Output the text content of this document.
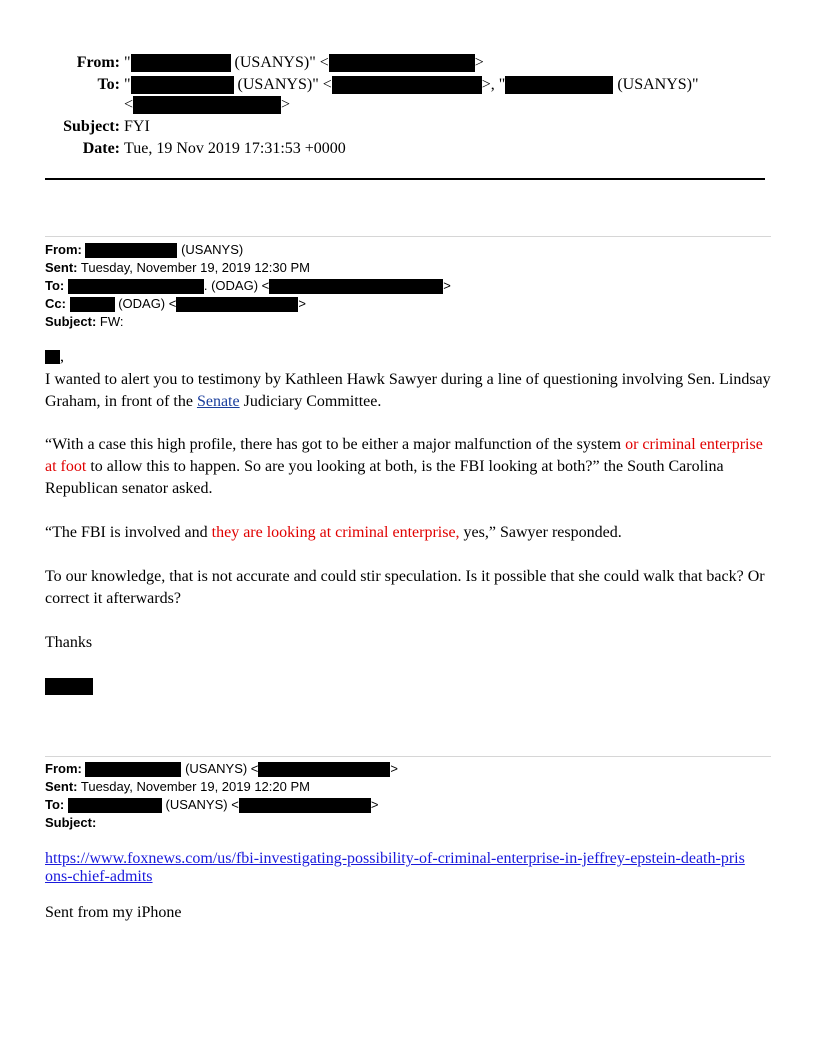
From: "	(USANYS)" <	>
To: "	(USANYS)" <	>, "	(USANYS)"
<	>
Subject: FYI
Date: Tue, 19 Nov 2019 17:31:53 +0000
From:	(USANYS)
Sent: Tuesday, November 19, 2019 12:30 PM
To:	. (ODAG) <	>
Cc:	(ODAG) <	>
Subject: FW:
,
I wanted to alert you to testimony by Kathleen Hawk Sawyer during a line of questioning involving Sen. Lindsay Graham, in front of the Senate Judiciary Committee.
“With a case this high profile, there has got to be either a major malfunction of the system or criminal enterprise at foot to allow this to happen. So are you looking at both, is the FBI looking at both?” the South Carolina Republican senator asked.
“The FBI is involved and they are looking at criminal enterprise, yes,” Sawyer responded.
To our knowledge, that is not accurate and could stir speculation. Is it possible that she could walk that back? Or correct it afterwards?
Thanks
From:	(USANYS) <	>
Sent: Tuesday, November 19, 2019 12:20 PM
To:	(USANYS) <	>
Subject:
https://www.foxnews.com/us/fbi-investigating-possibility-of-criminal-enterprise-in-jeffrey-epstein-death-prisons-chief-admits
Sent from my iPhone
